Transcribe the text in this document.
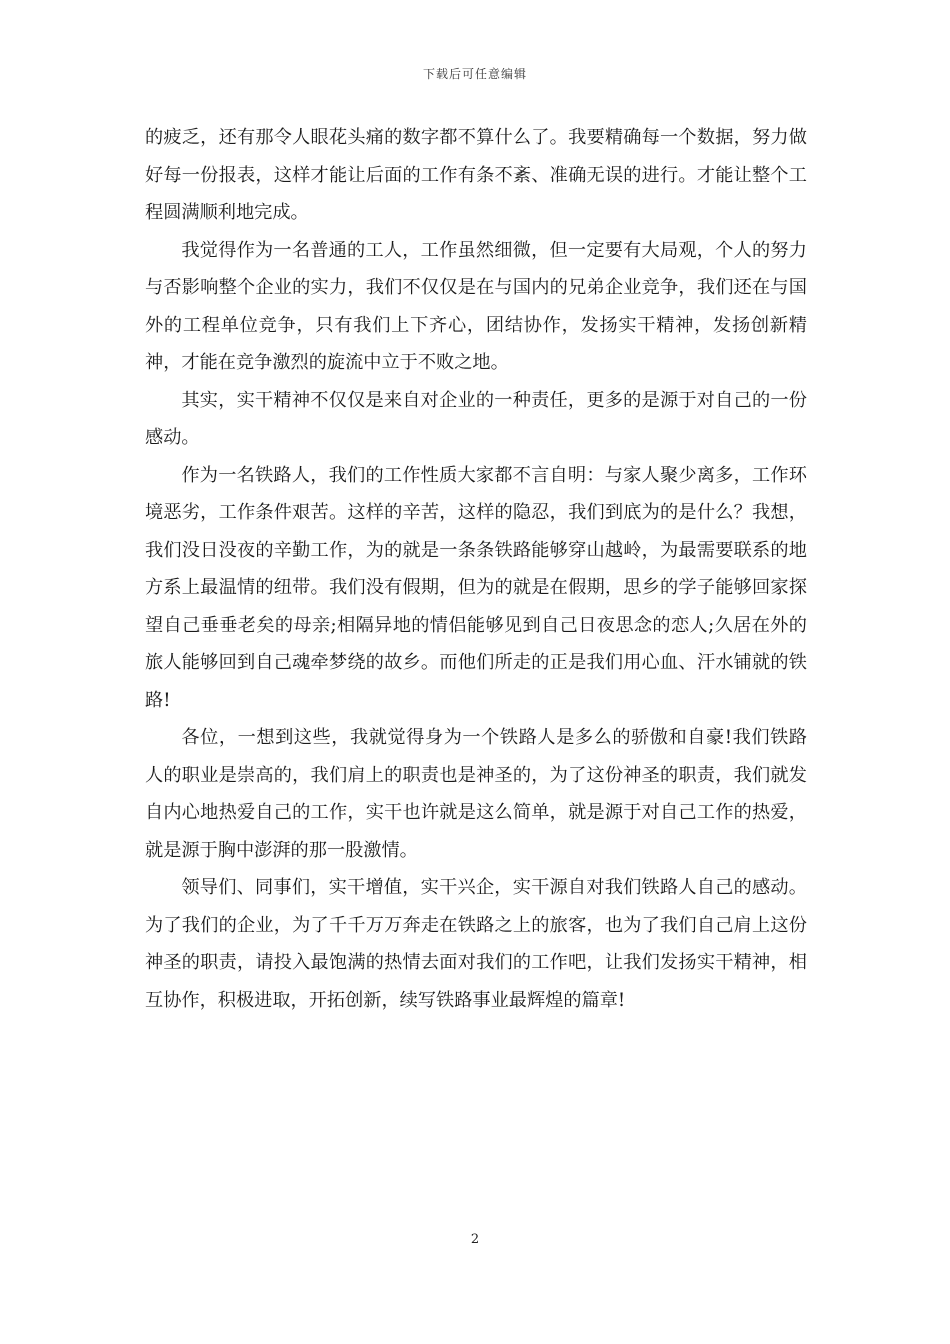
下载后可任意编辑

的疲乏，还有那令人眼花头痛的数字都不算什么了。我要精确每一个数据，努力做好每一份报表，这样才能让后面的工作有条不紊、准确无误的进行。才能让整个工程圆满顺利地完成。

我觉得作为一名普通的工人，工作虽然细微，但一定要有大局观，个人的努力与否影响整个企业的实力，我们不仅仅是在与国内的兄弟企业竞争，我们还在与国外的工程单位竞争，只有我们上下齐心，团结协作，发扬实干精神，发扬创新精神，才能在竞争激烈的旋流中立于不败之地。

其实，实干精神不仅仅是来自对企业的一种责任，更多的是源于对自己的一份感动。

作为一名铁路人，我们的工作性质大家都不言自明：与家人聚少离多，工作环境恶劣，工作条件艰苦。这样的辛苦，这样的隐忍，我们到底为的是什么？我想，我们没日没夜的辛勤工作，为的就是一条条铁路能够穿山越岭，为最需要联系的地方系上最温情的纽带。我们没有假期，但为的就是在假期，思乡的学子能够回家探望自己垂垂老矣的母亲;相隔异地的情侣能够见到自己日夜思念的恋人;久居在外的旅人能够回到自己魂牵梦绕的故乡。而他们所走的正是我们用心血、汗水铺就的铁路!

各位，一想到这些，我就觉得身为一个铁路人是多么的骄傲和自豪!我们铁路人的职业是崇高的，我们肩上的职责也是神圣的，为了这份神圣的职责，我们就发自内心地热爱自己的工作，实干也许就是这么简单，就是源于对自己工作的热爱，就是源于胸中澎湃的那一股激情。

领导们、同事们，实干增值，实干兴企，实干源自对我们铁路人自己的感动。为了我们的企业，为了千千万万奔走在铁路之上的旅客，也为了我们自己肩上这份神圣的职责，请投入最饱满的热情去面对我们的工作吧，让我们发扬实干精神，相互协作，积极进取，开拓创新，续写铁路事业最辉煌的篇章!

2
